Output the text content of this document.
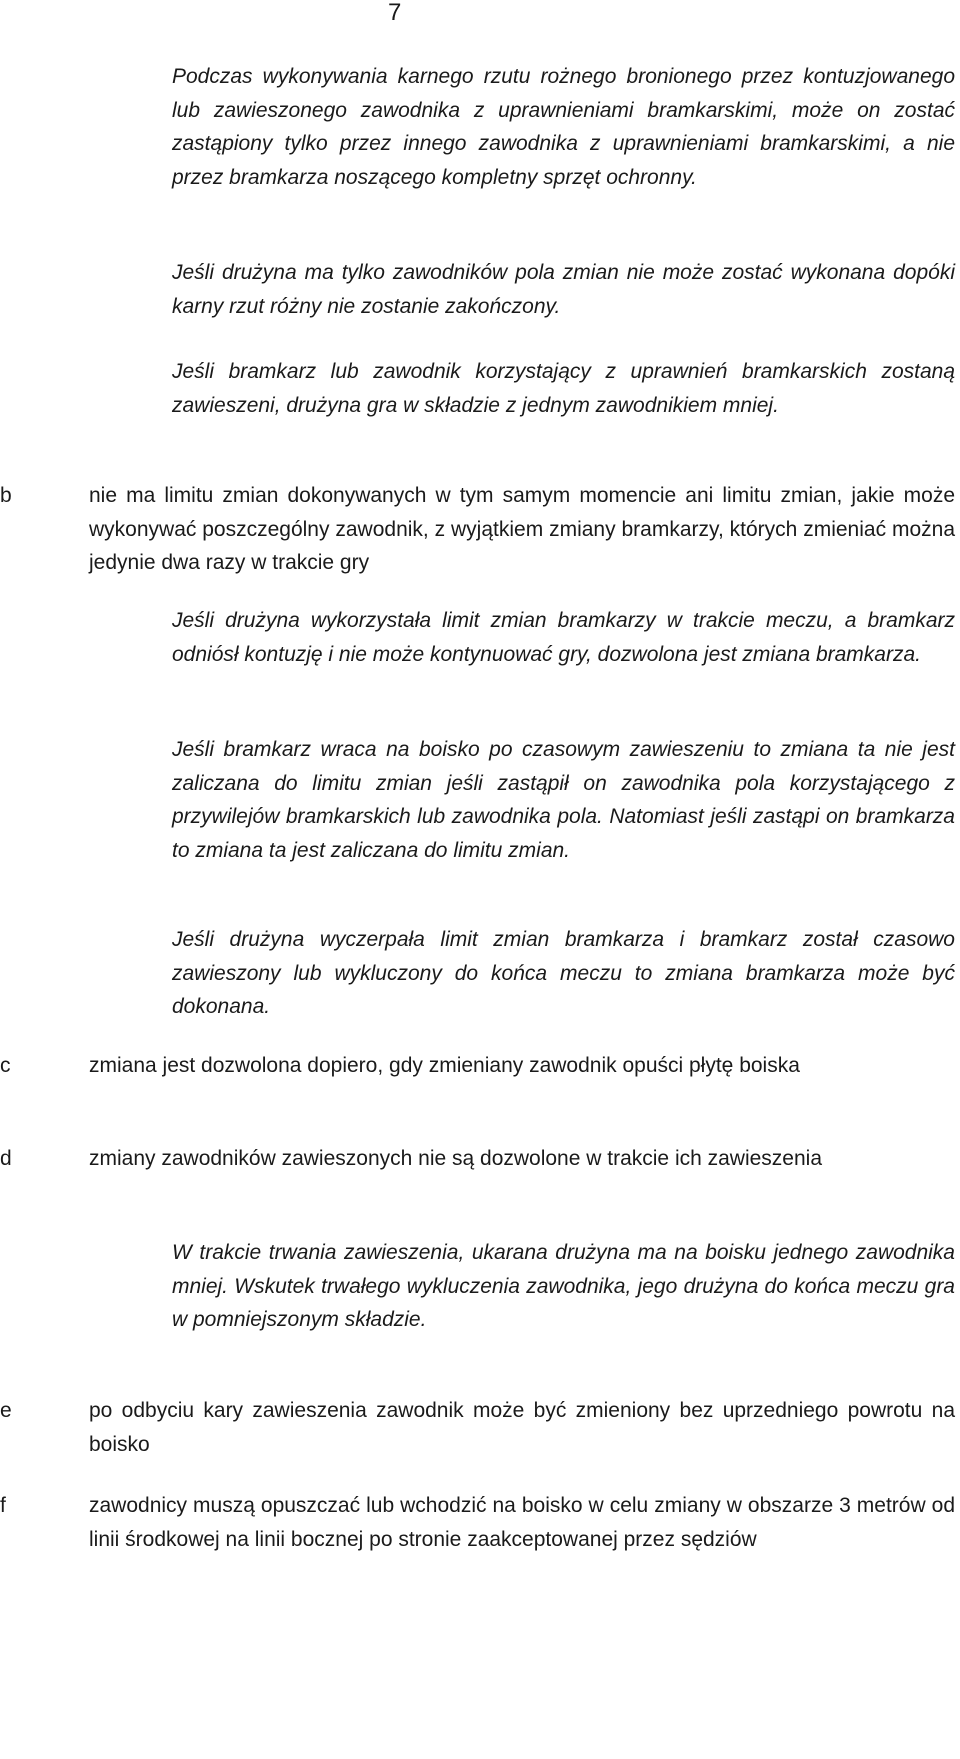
7

Podczas wykonywania karnego rzutu rożnego bronionego przez kontuzjowanego lub zawieszonego zawodnika z uprawnieniami bramkarskimi, może on zostać zastąpiony tylko przez innego zawodnika z uprawnieniami bramkarskimi, a nie przez bramkarza noszącego kompletny sprzęt ochronny.

Jeśli drużyna ma tylko zawodników pola zmian nie może zostać wykonana dopóki karny rzut różny nie zostanie zakończony.

Jeśli bramkarz lub zawodnik korzystający z uprawnień bramkarskich zostaną zawieszeni, drużyna gra w składzie z jednym zawodnikiem mniej.

b	nie ma limitu zmian dokonywanych w tym samym momencie ani limitu zmian, jakie może wykonywać poszczególny zawodnik, z wyjątkiem zmiany bramkarzy, których zmieniać można jedynie dwa razy w trakcie gry

Jeśli drużyna wykorzystała limit zmian bramkarzy w trakcie meczu, a bramkarz odniósł kontuzję i nie może kontynuować gry, dozwolona jest zmiana bramkarza.

Jeśli bramkarz wraca na boisko po czasowym zawieszeniu to zmiana ta nie jest zaliczana do limitu zmian jeśli zastąpił on zawodnika pola korzystającego z przywilejów bramkarskich lub zawodnika pola. Natomiast jeśli zastąpi on bramkarza to zmiana ta jest zaliczana do limitu zmian.

Jeśli drużyna wyczerpała limit zmian bramkarza i bramkarz został czasowo zawieszony lub wykluczony do końca meczu to zmiana bramkarza może być dokonana.

c	zmiana jest dozwolona dopiero, gdy zmieniany zawodnik opuści płytę boiska

d	zmiany zawodników zawieszonych nie są dozwolone w trakcie ich zawieszenia

W trakcie trwania zawieszenia, ukarana drużyna ma na boisku jednego zawodnika mniej. Wskutek trwałego wykluczenia zawodnika, jego drużyna do końca meczu gra w pomniejszonym składzie.

e	po odbyciu kary zawieszenia zawodnik może być zmieniony bez uprzedniego powrotu na boisko

f	zawodnicy muszą opuszczać lub wchodzić na boisko w celu zmiany w obszarze 3 metrów od linii środkowej na linii bocznej po stronie zaakceptowanej przez sędziów
